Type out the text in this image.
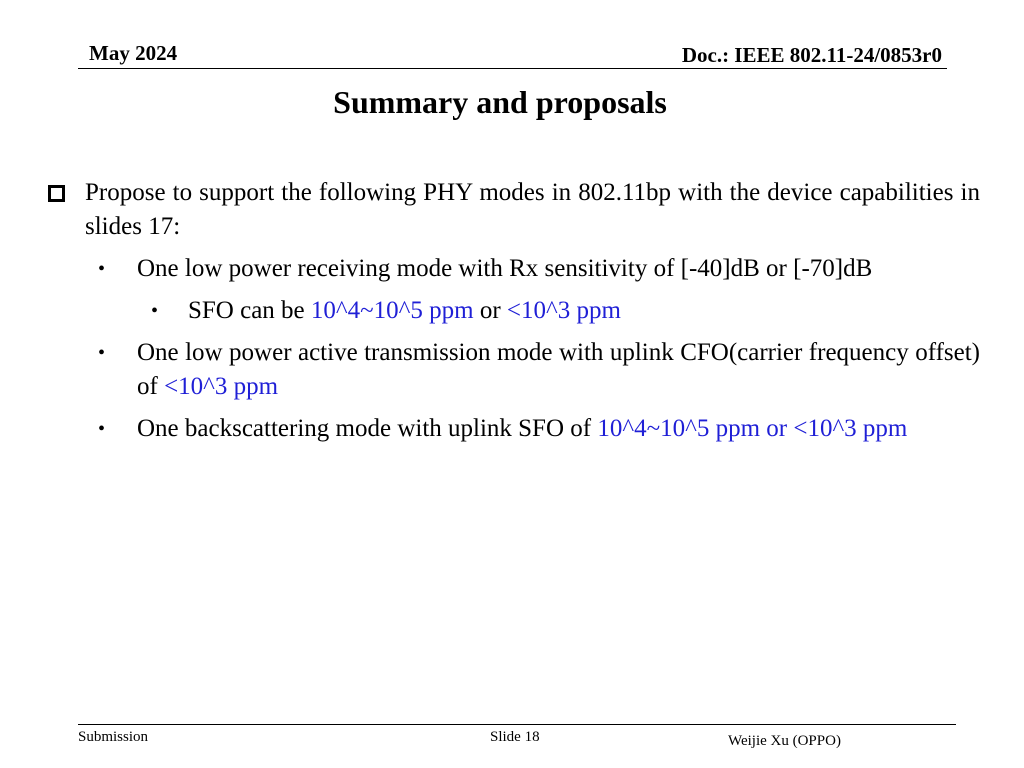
May 2024	Doc.: IEEE 802.11-24/0853r0
Summary and proposals
Propose to support the following PHY modes in 802.11bp with the device capabilities in slides 17:
• One low power receiving mode with Rx sensitivity of [-40]dB or [-70]dB
• SFO can be 10^4~10^5 ppm or <10^3 ppm
• One low power active transmission mode with uplink CFO(carrier frequency offset) of <10^3 ppm
• One backscattering mode with uplink SFO of 10^4~10^5 ppm or <10^3 ppm
Submission	Slide 18	Weijie Xu (OPPO)
